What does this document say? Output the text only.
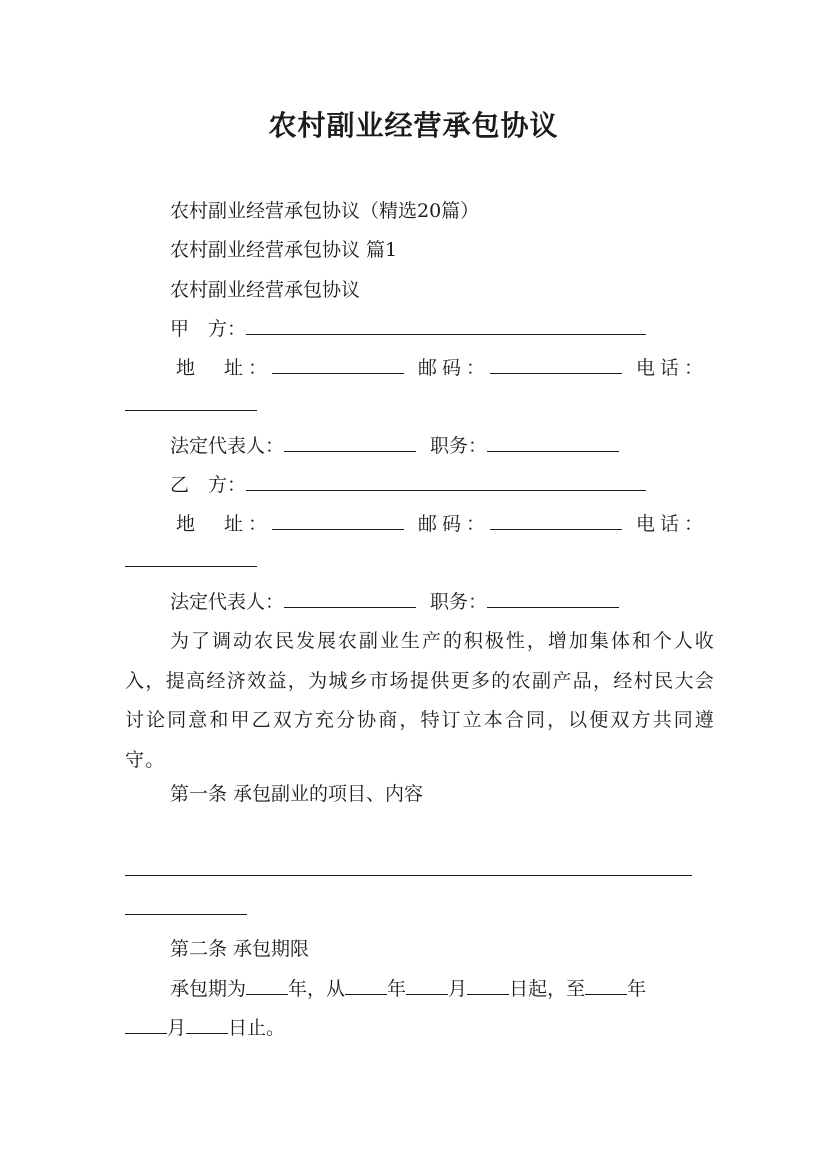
农村副业经营承包协议
农村副业经营承包协议（精选20篇）
农村副业经营承包协议 篇1
农村副业经营承包协议
甲　方：
地　址：	邮码：	电话：
法定代表人：	职务：
乙　方：
地　址：	邮码：	电话：
法定代表人：	职务：
为了调动农民发展农副业生产的积极性，增加集体和个人收入，提高经济效益，为城乡市场提供更多的农副产品，经村民大会讨论同意和甲乙双方充分协商，特订立本合同，以便双方共同遵守。
第一条 承包副业的项目、内容
第二条 承包期限
承包期为 年，从 年 月 日起，至 年
月 日止。
